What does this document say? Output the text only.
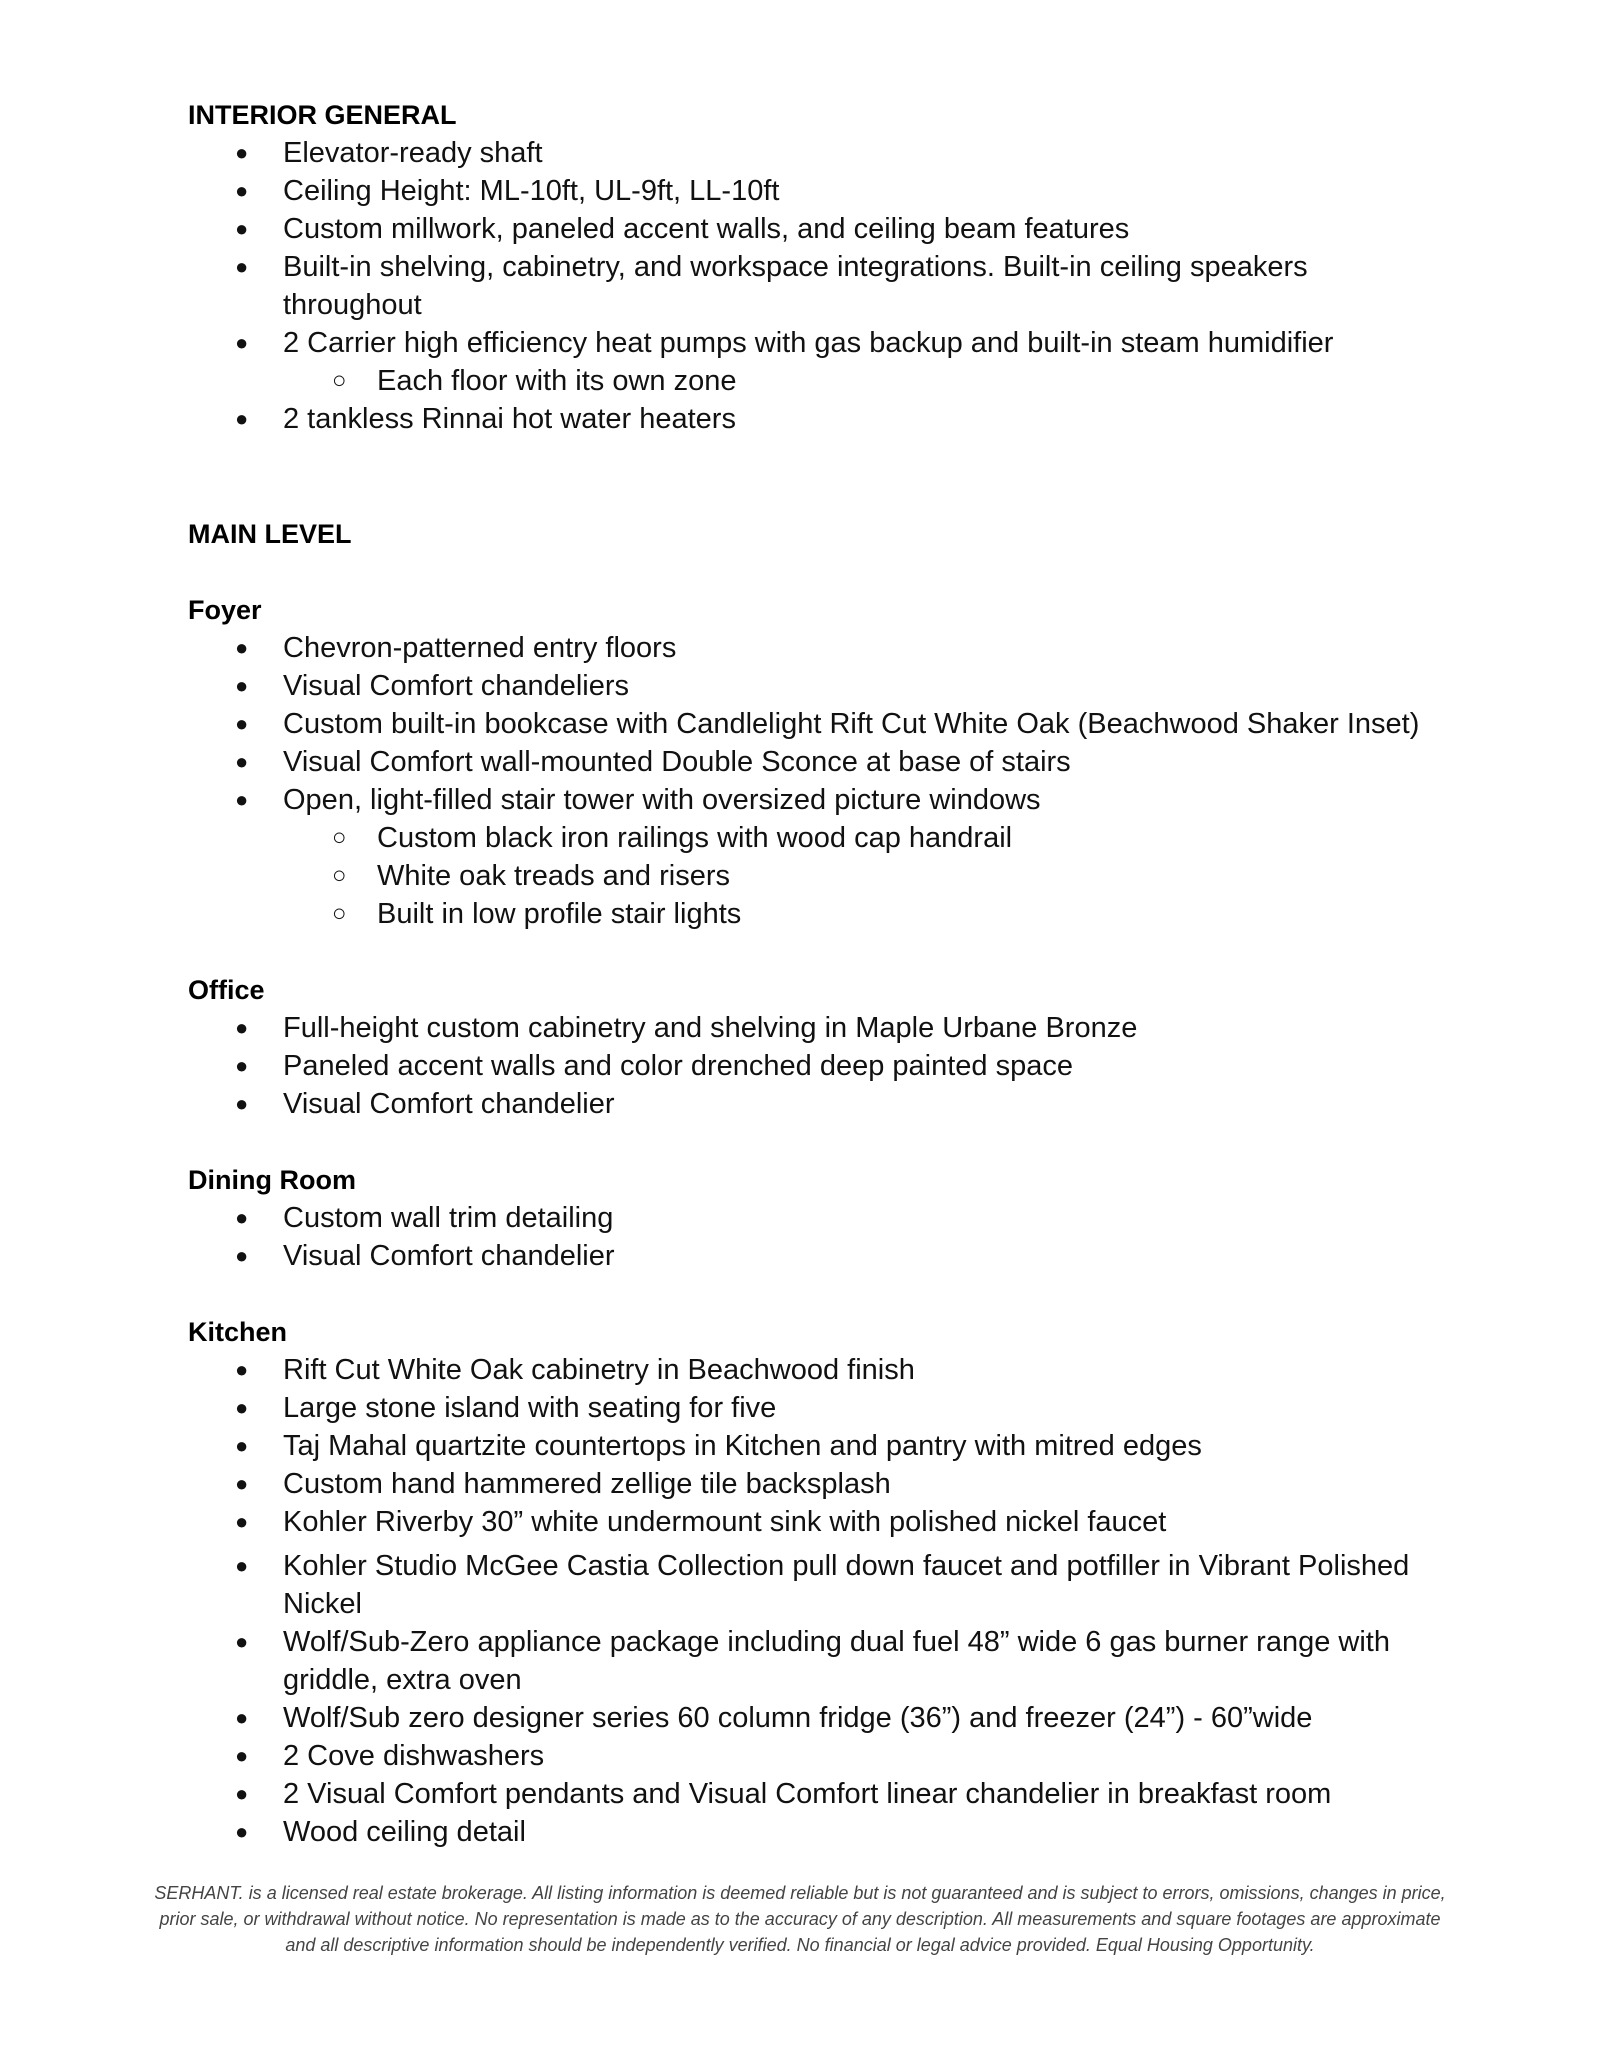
INTERIOR GENERAL
● Elevator-ready shaft
● Ceiling Height: ML-10ft, UL-9ft, LL-10ft
● Custom millwork, paneled accent walls, and ceiling beam features
● Built-in shelving, cabinetry, and workspace integrations. Built-in ceiling speakers throughout
● 2 Carrier high efficiency heat pumps with gas backup and built-in steam humidifier
○ Each floor with its own zone
● 2 tankless Rinnai hot water heaters
MAIN LEVEL
Foyer
● Chevron-patterned entry floors
● Visual Comfort chandeliers
● Custom built-in bookcase with Candlelight Rift Cut White Oak (Beachwood Shaker Inset)
● Visual Comfort wall-mounted Double Sconce at base of stairs
● Open, light-filled stair tower with oversized picture windows
○ Custom black iron railings with wood cap handrail
○ White oak treads and risers
○ Built in low profile stair lights
Office
● Full-height custom cabinetry and shelving in Maple Urbane Bronze
● Paneled accent walls and color drenched deep painted space
● Visual Comfort chandelier
Dining Room
● Custom wall trim detailing
● Visual Comfort chandelier
Kitchen
● Rift Cut White Oak cabinetry in Beachwood finish
● Large stone island with seating for five
● Taj Mahal quartzite countertops in Kitchen and pantry with mitred edges
● Custom hand hammered zellige tile backsplash
● Kohler Riverby 30” white undermount sink with polished nickel faucet
● Kohler Studio McGee Castia Collection pull down faucet and potfiller in Vibrant Polished Nickel
● Wolf/Sub-Zero appliance package including dual fuel 48” wide 6 gas burner range with griddle, extra oven
● Wolf/Sub zero designer series 60 column fridge (36”) and freezer (24”) - 60”wide
● 2 Cove dishwashers
● 2 Visual Comfort pendants and Visual Comfort linear chandelier in breakfast room
● Wood ceiling detail
SERHANT. is a licensed real estate brokerage. All listing information is deemed reliable but is not guaranteed and is subject to errors, omissions, changes in price, prior sale, or withdrawal without notice. No representation is made as to the accuracy of any description. All measurements and square footages are approximate and all descriptive information should be independently verified. No financial or legal advice provided. Equal Housing Opportunity.
